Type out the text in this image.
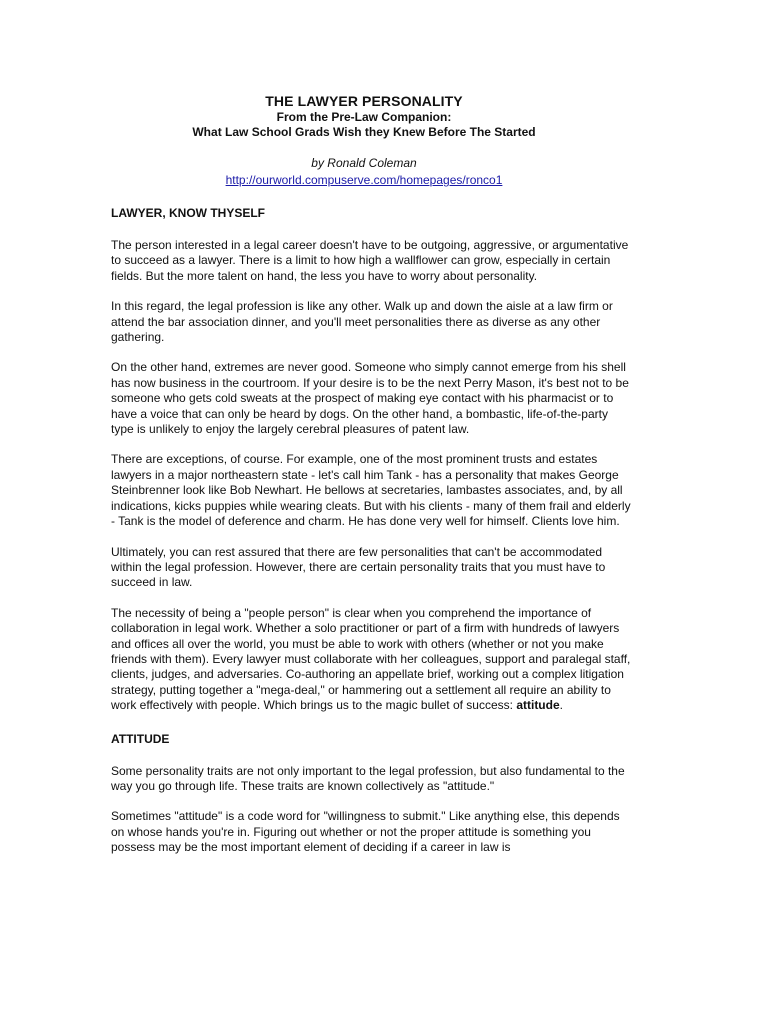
THE LAWYER PERSONALITY
From the Pre-Law Companion:
What Law School Grads Wish they Knew Before The Started
by Ronald Coleman
http://ourworld.compuserve.com/homepages/ronco1
LAWYER, KNOW THYSELF

The person interested in a legal career doesn't have to be outgoing, aggressive, or argumentative to succeed as a lawyer. There is a limit to how high a wallflower can grow, especially in certain fields. But the more talent on hand, the less you have to worry about personality.

In this regard, the legal profession is like any other. Walk up and down the aisle at a law firm or attend the bar association dinner, and you'll meet personalities there as diverse as any other gathering.

On the other hand, extremes are never good. Someone who simply cannot emerge from his shell has now business in the courtroom. If your desire is to be the next Perry Mason, it's best not to be someone who gets cold sweats at the prospect of making eye contact with his pharmacist or to have a voice that can only be heard by dogs. On the other hand, a bombastic, life-of-the-party type is unlikely to enjoy the largely cerebral pleasures of patent law.

There are exceptions, of course. For example, one of the most prominent trusts and estates lawyers in a major northeastern state - let's call him Tank - has a personality that makes George Steinbrenner look like Bob Newhart. He bellows at secretaries, lambastes associates, and, by all indications, kicks puppies while wearing cleats. But with his clients - many of them frail and elderly - Tank is the model of deference and charm. He has done very well for himself. Clients love him.

Ultimately, you can rest assured that there are few personalities that can't be accommodated within the legal profession. However, there are certain personality traits that you must have to succeed in law.

The necessity of being a "people person" is clear when you comprehend the importance of collaboration in legal work. Whether a solo practitioner or part of a firm with hundreds of lawyers and offices all over the world, you must be able to work with others (whether or not you make friends with them). Every lawyer must collaborate with her colleagues, support and paralegal staff, clients, judges, and adversaries. Co-authoring an appellate brief, working out a complex litigation strategy, putting together a "mega-deal," or hammering out a settlement all require an ability to work effectively with people. Which brings us to the magic bullet of success: attitude.

ATTITUDE

Some personality traits are not only important to the legal profession, but also fundamental to the way you go through life. These traits are known collectively as "attitude."

Sometimes "attitude" is a code word for "willingness to submit." Like anything else, this depends on whose hands you're in. Figuring out whether or not the proper attitude is something you possess may be the most important element of deciding if a career in law is
